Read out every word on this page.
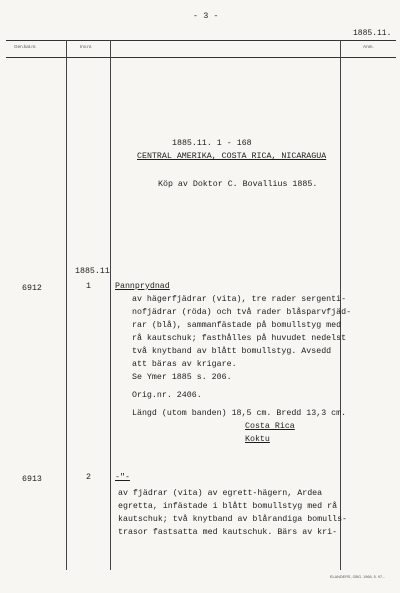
- 3 -
1885.11.
Gen.kat.nr.	Inv.nr.	Anm.
1885.11. 1 - 168
CENTRAL AMERIKA, COSTA RICA, NICARAGUA
Köp av Doktor C. Bovallius 1885.
1885.11
6912	1	Pannprydnad
av hägerfjädrar (vita), tre rader sergenti-
nofjädrar (röda) och två rader blåsparvfjäd-
rar (blå), sammanfästade på bomullstyg med
rå kautschuk; fasthålles på huvudet nedelst
två knytband av blått bomullstyg. Avsedd
att bäras av krigare.
Se Ymer 1885 s. 206.
Orig.nr. 2406.
Längd (utom banden) 18,5 cm. Bredd 13,3 cm.
Costa Rica
Koktu
6913	2	-"-
av fjädrar (vita) av egrett-hägern, Ardea
egretta, infästade i blått bomullstyg med rå
kautschuk; två knytband av blårandiga bomulls-
trasor fastsatta med kautschuk. Bärs av kri-
ELANDERS, GBG. 1966, 5. 97...
